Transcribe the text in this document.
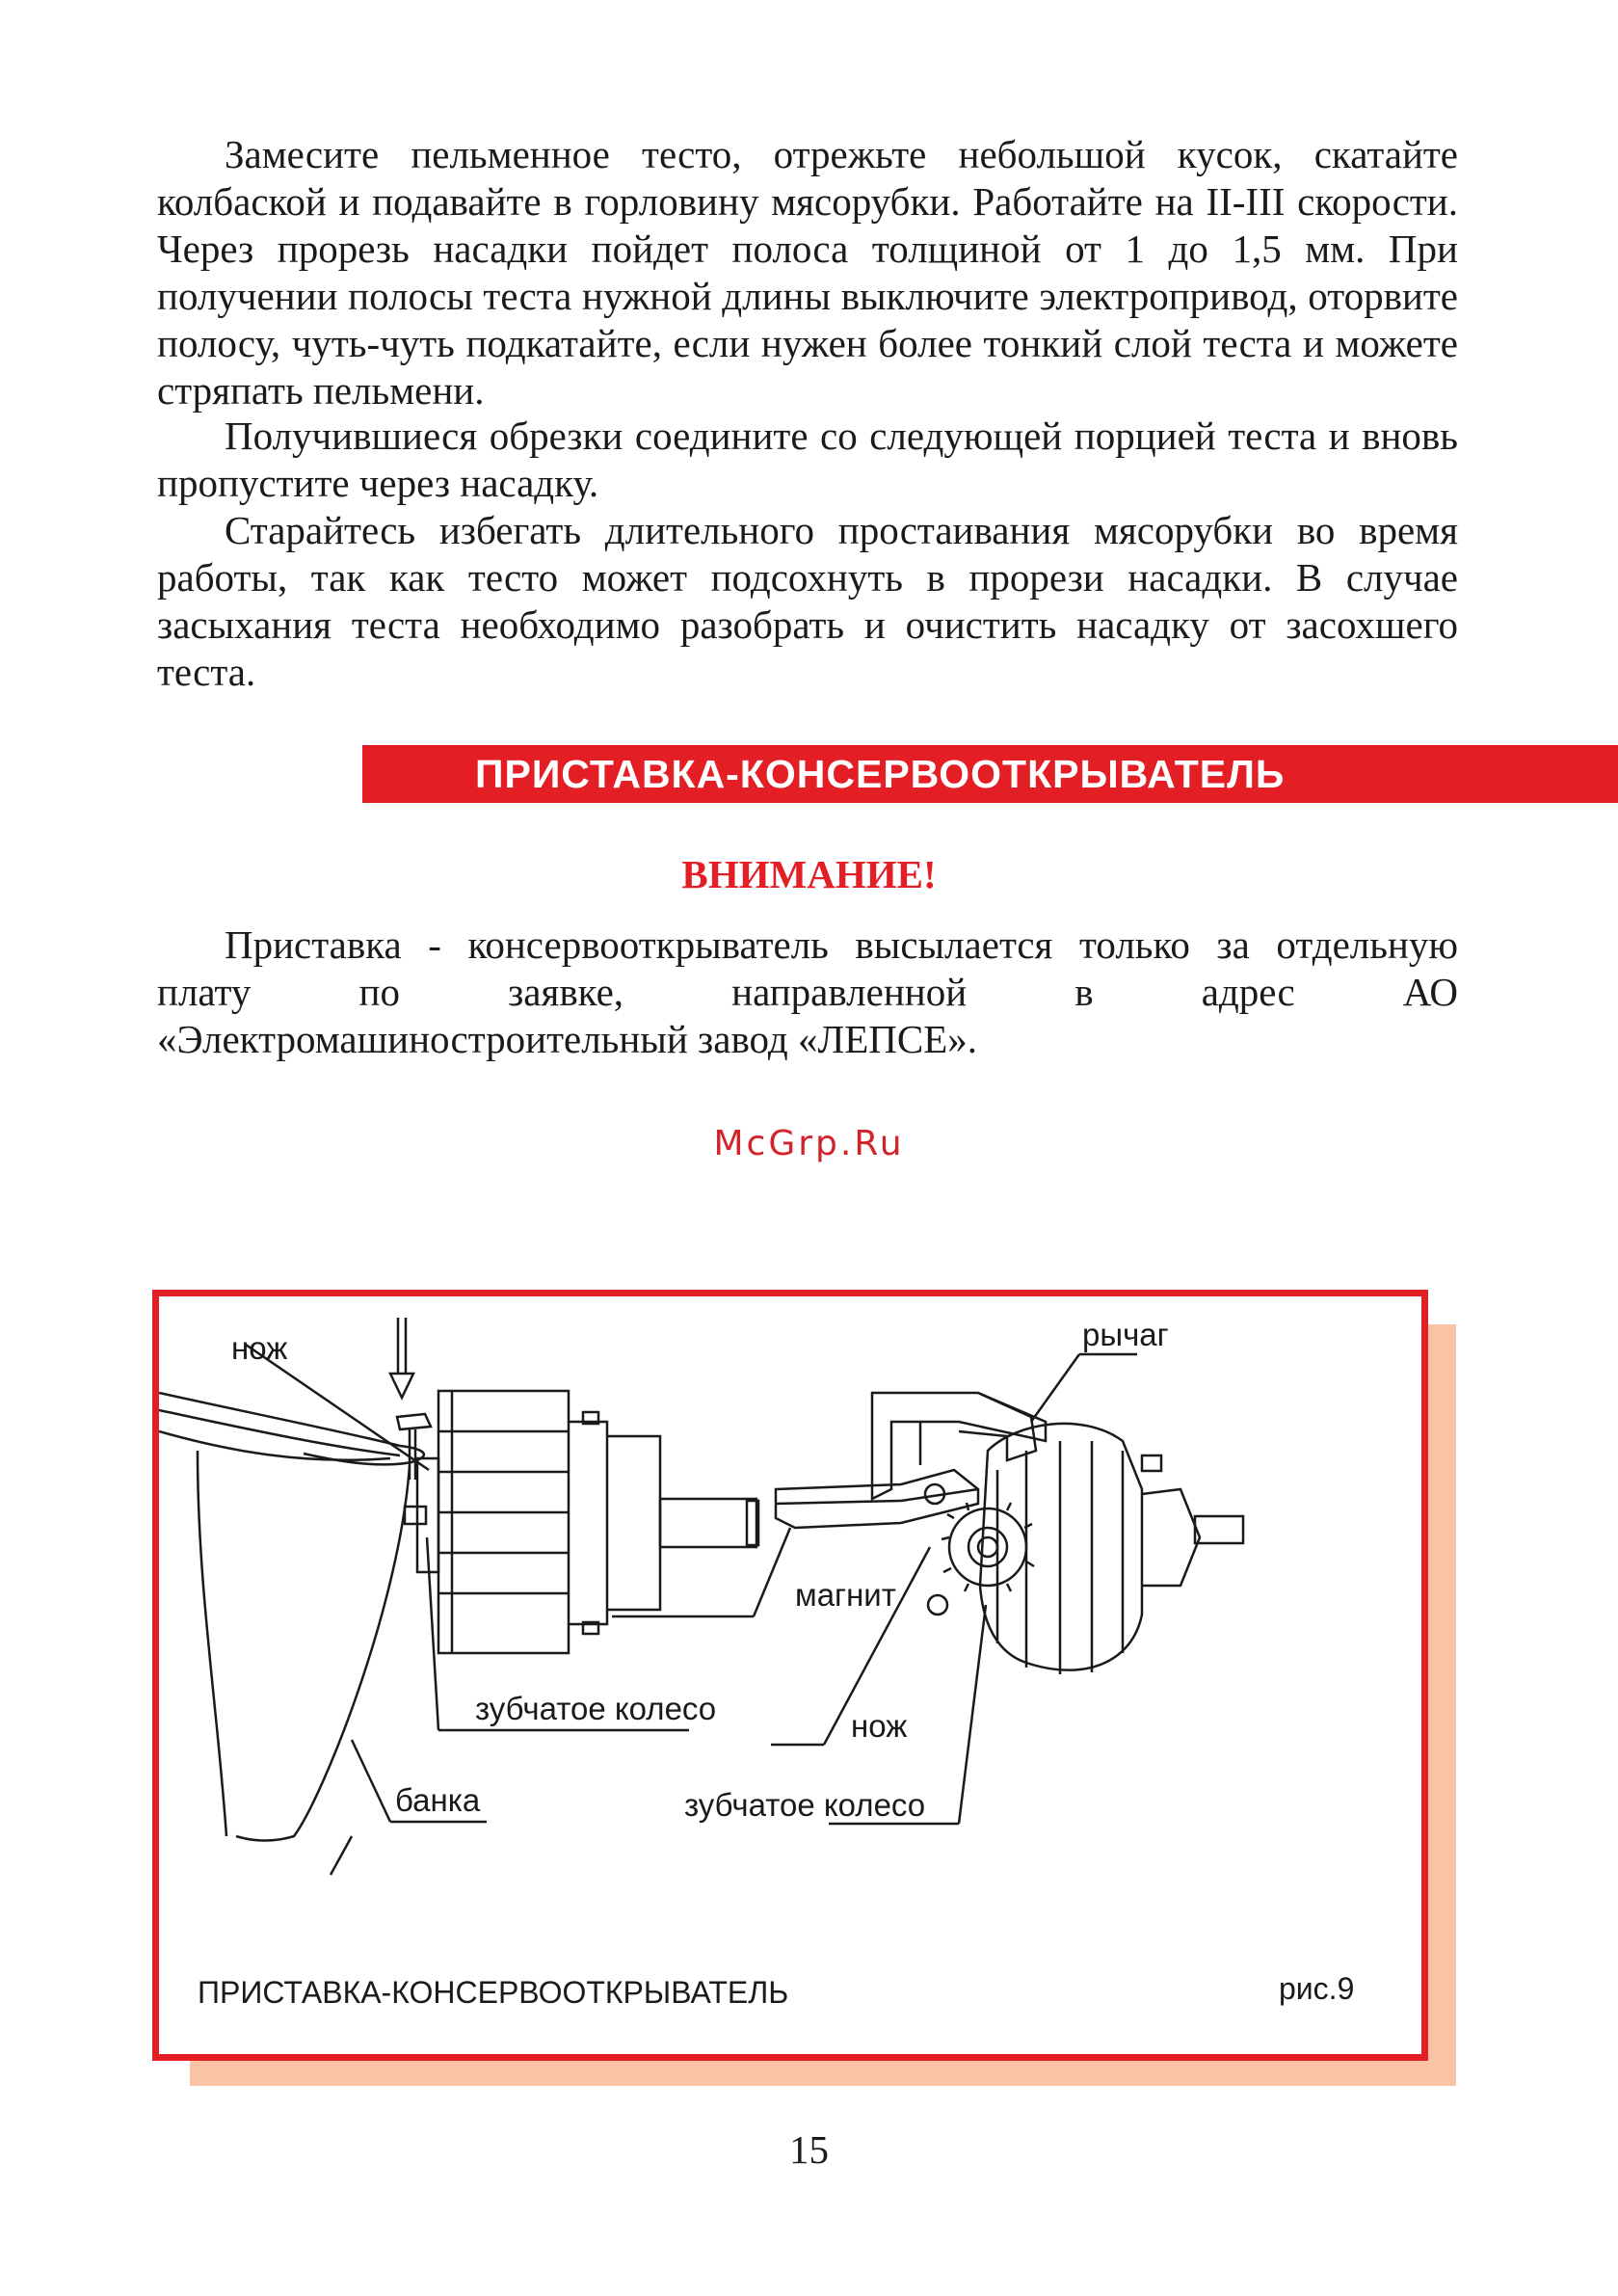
Замесите пельменное тесто, отрежьте небольшой кусок, скатайте колбаской и подавайте в горловину мясорубки. Работайте на II-III скорости. Через прорезь насадки пойдет полоса толщиной от 1 до 1,5 мм. При получении полосы теста нужной длины выключите электропривод, оторвите полосу, чуть-чуть подкатайте, если нужен более тонкий слой теста и можете стряпать пельмени.

Получившиеся обрезки соедините со следующей порцией теста и вновь пропустите через насадку.

Старайтесь избегать длительного простаивания мясорубки во время работы, так как тесто может подсохнуть в прорези насадки. В случае засыхания теста необходимо разобрать и очистить насадку от засохшего теста.

ПРИСТАВКА-КОНСЕРВООТКРЫВАТЕЛЬ

ВНИМАНИЕ!

Приставка - консервооткрыватель высылается только за отдельную
плату по заявке, направленной в адрес АО
«Электромашиностроительный завод «ЛЕПСЕ».
McGrp.Ru
нож
зубчатое колесо
банка
рычаг
магнит
нож
зубчатое колесо
ПРИСТАВКА-КОНСЕРВООТКРЫВАТЕЛЬ	рис.9
15
